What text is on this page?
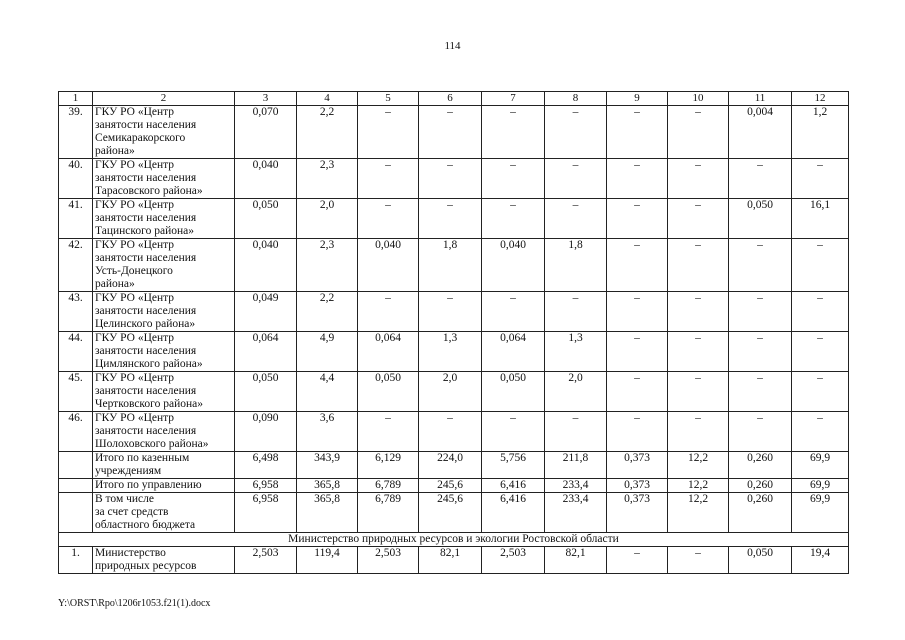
114
1	2	3	4	5	6	7	8	9	10	11	12
39.	ГКУ РО «Центр
занятости населения
Семикаракорского
района»	0,070	2,2	–	–	–	–	–	–	0,004	1,2
40.	ГКУ РО «Центр
занятости населения
Тарасовского района»	0,040	2,3	–	–	–	–	–	–	–	–
41.	ГКУ РО «Центр
занятости населения
Тацинского района»	0,050	2,0	–	–	–	–	–	–	0,050	16,1
42.	ГКУ РО «Центр
занятости населения
Усть-Донецкого
района»	0,040	2,3	0,040	1,8	0,040	1,8	–	–	–	–
43.	ГКУ РО «Центр
занятости населения
Целинского района»	0,049	2,2	–	–	–	–	–	–	–	–
44.	ГКУ РО «Центр
занятости населения
Цимлянского района»	0,064	4,9	0,064	1,3	0,064	1,3	–	–	–	–
45.	ГКУ РО «Центр
занятости населения
Чертковского района»	0,050	4,4	0,050	2,0	0,050	2,0	–	–	–	–
46.	ГКУ РО «Центр
занятости населения
Шолоховского района»	0,090	3,6	–	–	–	–	–	–	–	–
	Итого по казенным
учреждениям	6,498	343,9	6,129	224,0	5,756	211,8	0,373	12,2	0,260	69,9
	Итого по управлению	6,958	365,8	6,789	245,6	6,416	233,4	0,373	12,2	0,260	69,9
	В том числе
за счет средств
областного бюджета	6,958	365,8	6,789	245,6	6,416	233,4	0,373	12,2	0,260	69,9
Министерство природных ресурсов и экологии Ростовской области											
1.	Министерство
природных ресурсов	2,503	119,4	2,503	82,1	2,503	82,1	–	–	0,050	19,4
Y:\ORST\Rpo\1206r1053.f21(1).docx
